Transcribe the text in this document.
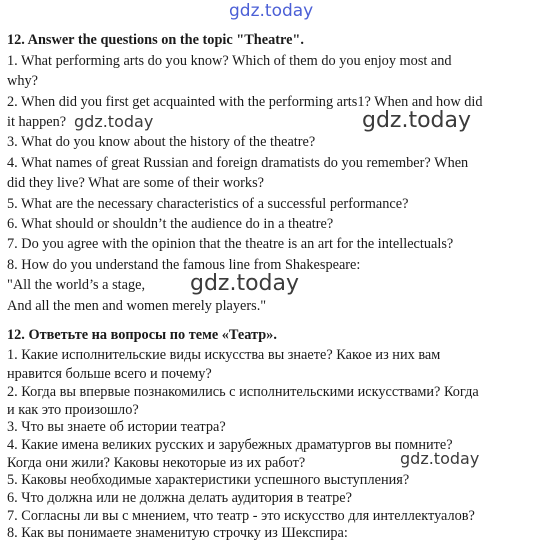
gdz.today
gdz.today	gdz.today
gdz.today
gdz.today
12. Answer the questions on the topic "Theatre".
1. What performing arts do you know? Which of them do you enjoy most and
why?
2. When did you first get acquainted with the performing arts1? When and how did
it happen?
3. What do you know about the history of the theatre?
4. What names of great Russian and foreign dramatists do you remember? When
did they live? What are some of their works?
5. What are the necessary characteristics of a successful performance?
6. What should or shouldn’t the audience do in a theatre?
7. Do you agree with the opinion that the theatre is an art for the intellectuals?
8. How do you understand the famous line from Shakespeare:
"All the world’s a stage,
And all the men and women merely players."
12. Ответьте на вопросы по теме «Театр».
1. Какие исполнительские виды искусства вы знаете? Какое из них вам
нравится больше всего и почему?
2. Когда вы впервые познакомились с исполнительскими искусствами? Когда
и как это произошло?
3. Что вы знаете об истории театра?
4. Какие имена великих русских и зарубежных драматургов вы помните?
Когда они жили? Каковы некоторые из их работ?
5. Каковы необходимые характеристики успешного выступления?
6. Что должна или не должна делать аудитория в театре?
7. Согласны ли вы с мнением, что театр - это искусство для интеллектуалов?
8. Как вы понимаете знаменитую строчку из Шекспира:
